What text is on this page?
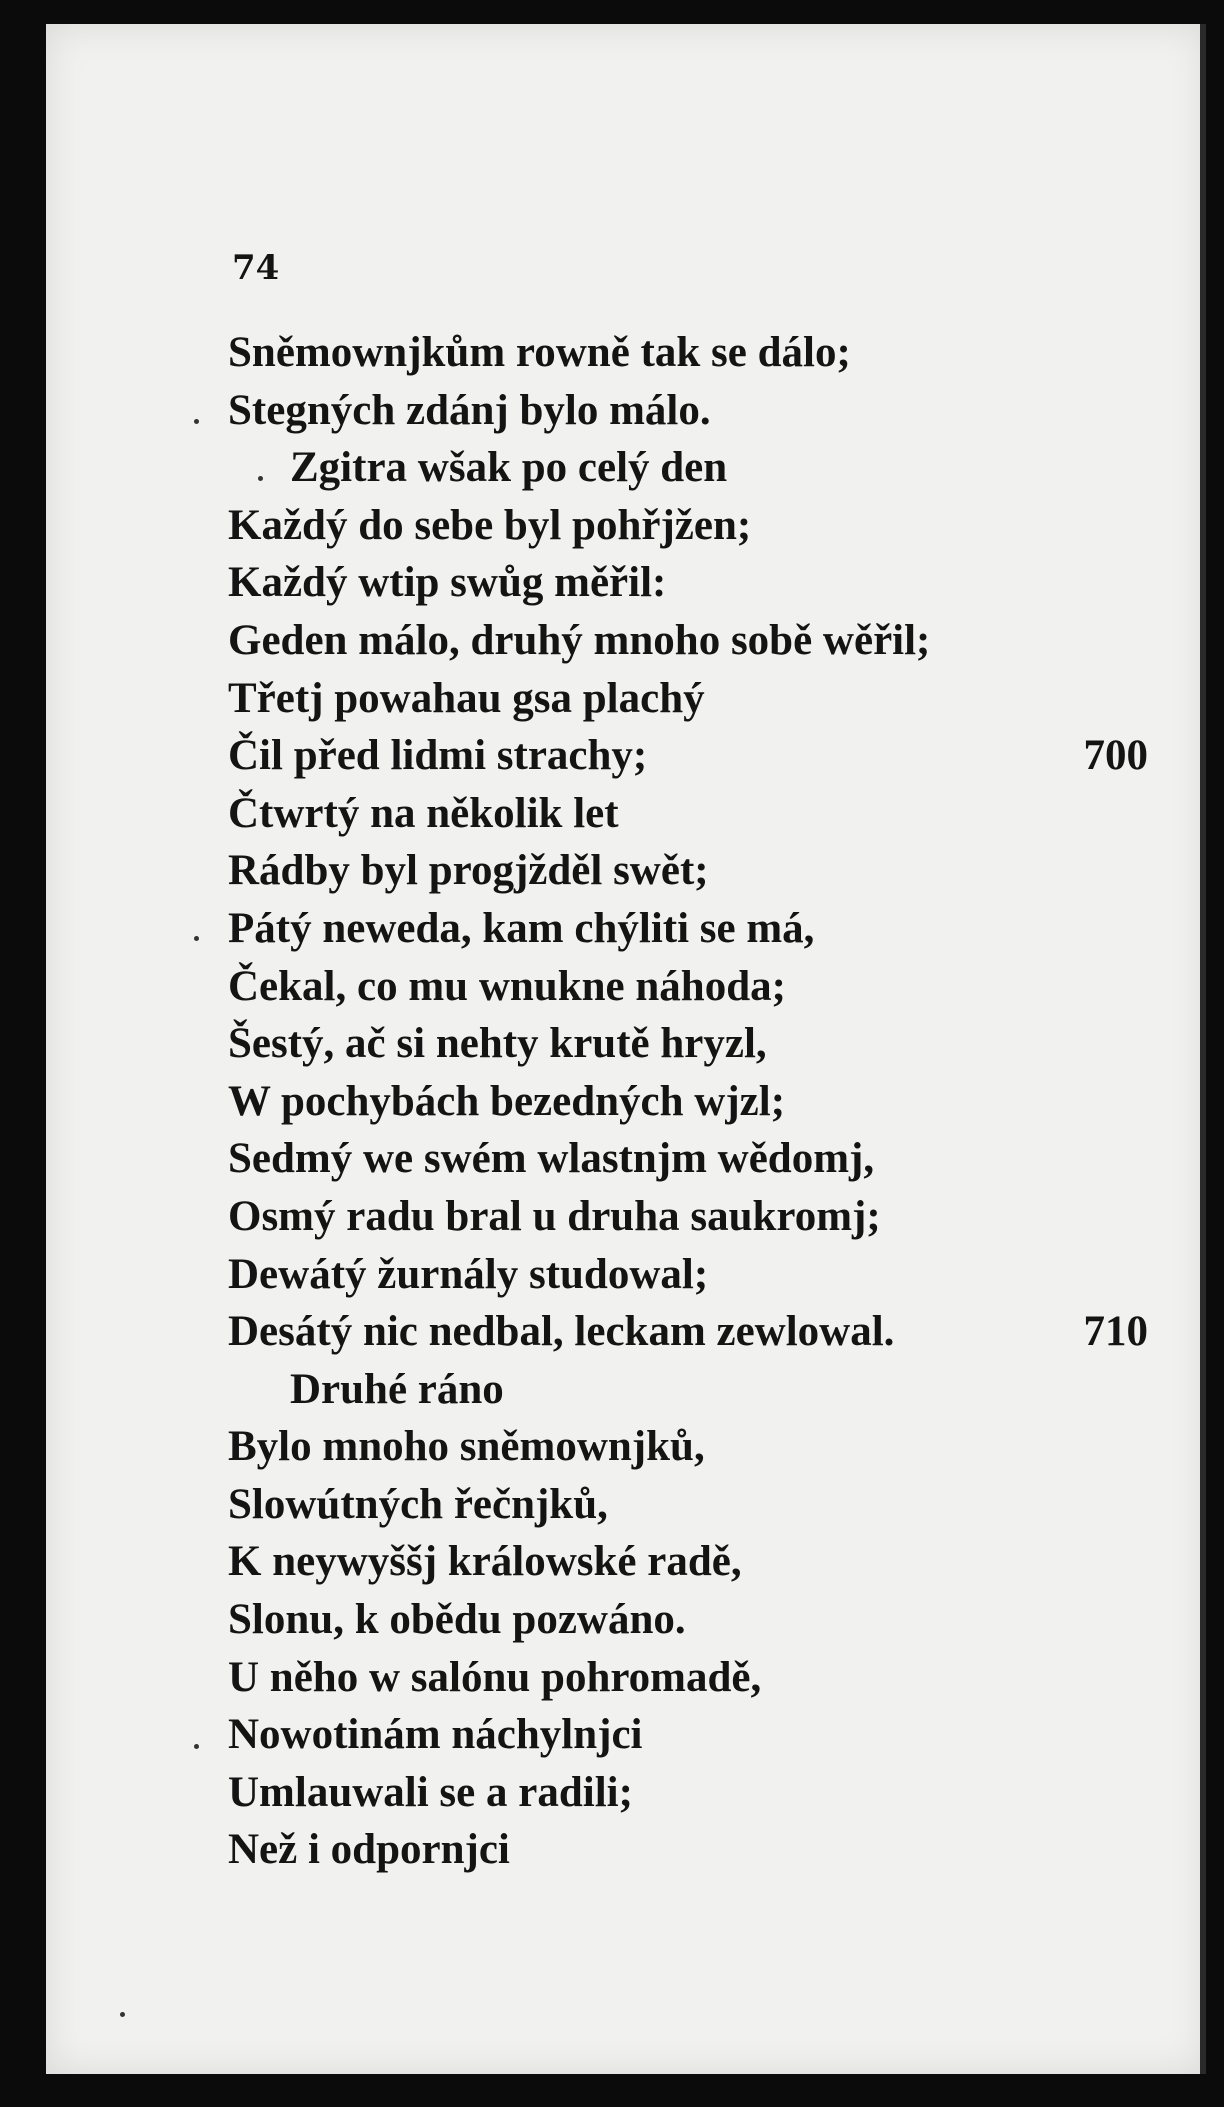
74
Sněmownjkům rowně tak se dálo;
Stegných zdánj bylo málo.
Zgitra wšak po celý den
Každý do sebe byl pohřjžen;
Každý wtip swůg měřil:
Geden málo, druhý mnoho sobě wěřil;
Třetj powahau gsa plachý
Čil před lidmi strachy;	700
Čtwrtý na několik let
Rádby byl progjžděl swět;
Pátý neweda, kam chýliti se má,
Čekal, co mu wnukne náhoda;
Šestý, ač si nehty krutě hryzl,
W pochybách bezedných wjzl;
Sedmý we swém wlastnjm wědomj,
Osmý radu bral u druha saukromj;
Dewátý žurnály studowal;
Desátý nic nedbal, leckam zewlowal.	710
Druhé ráno
Bylo mnoho sněmownjků,
Slowútných řečnjků,
K neywyššj králowské radě,
Slonu, k obědu pozwáno.
U něho w salónu pohromadě,
Nowotinám náchylnjci
Umlauwali se a radili;
Než i odpornjci
